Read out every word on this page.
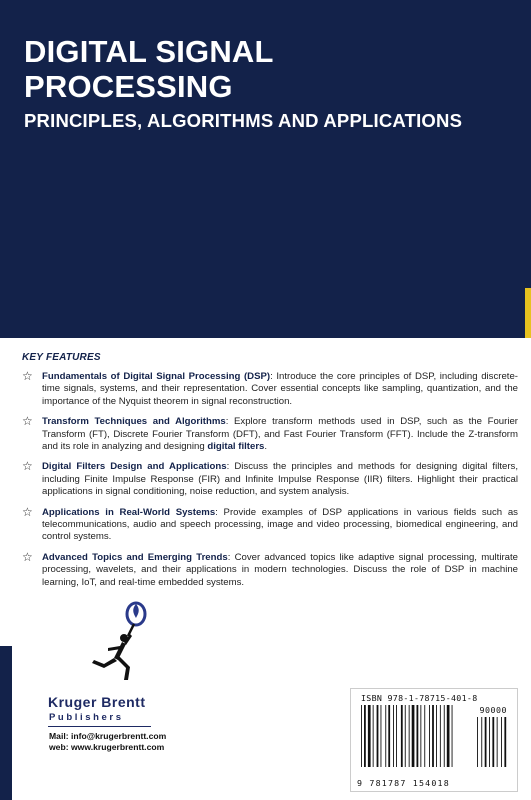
DIGITAL SIGNAL
PROCESSING
PRINCIPLES, ALGORITHMS AND APPLICATIONS
KEY FEATURES
☆ Fundamentals of Digital Signal Processing (DSP): Introduce the core principles of DSP, including discrete-time signals, systems, and their representation. Cover essential concepts like sampling, quantization, and the importance of the Nyquist theorem in signal reconstruction.
☆ Transform Techniques and Algorithms: Explore transform methods used in DSP, such as the Fourier Transform (FT), Discrete Fourier Transform (DFT), and Fast Fourier Transform (FFT). Include the Z-transform and its role in analyzing and designing digital filters.
☆ Digital Filters Design and Applications: Discuss the principles and methods for designing digital filters, including Finite Impulse Response (FIR) and Infinite Impulse Response (IIR) filters. Highlight their practical applications in signal conditioning, noise reduction, and system analysis.
☆ Applications in Real-World Systems: Provide examples of DSP applications in various fields such as telecommunications, audio and speech processing, image and video processing, biomedical engineering, and control systems.
☆ Advanced Topics and Emerging Trends: Cover advanced topics like adaptive signal processing, multirate processing, wavelets, and their applications in modern technologies. Discuss the role of DSP in machine learning, IoT, and real-time embedded systems.
Kruger Brentt
Publishers
Mail: info@krugerbrentt.com
web: www.krugerbrentt.com
ISBN 978-1-78715-401-8
90000
9 781787 154018
